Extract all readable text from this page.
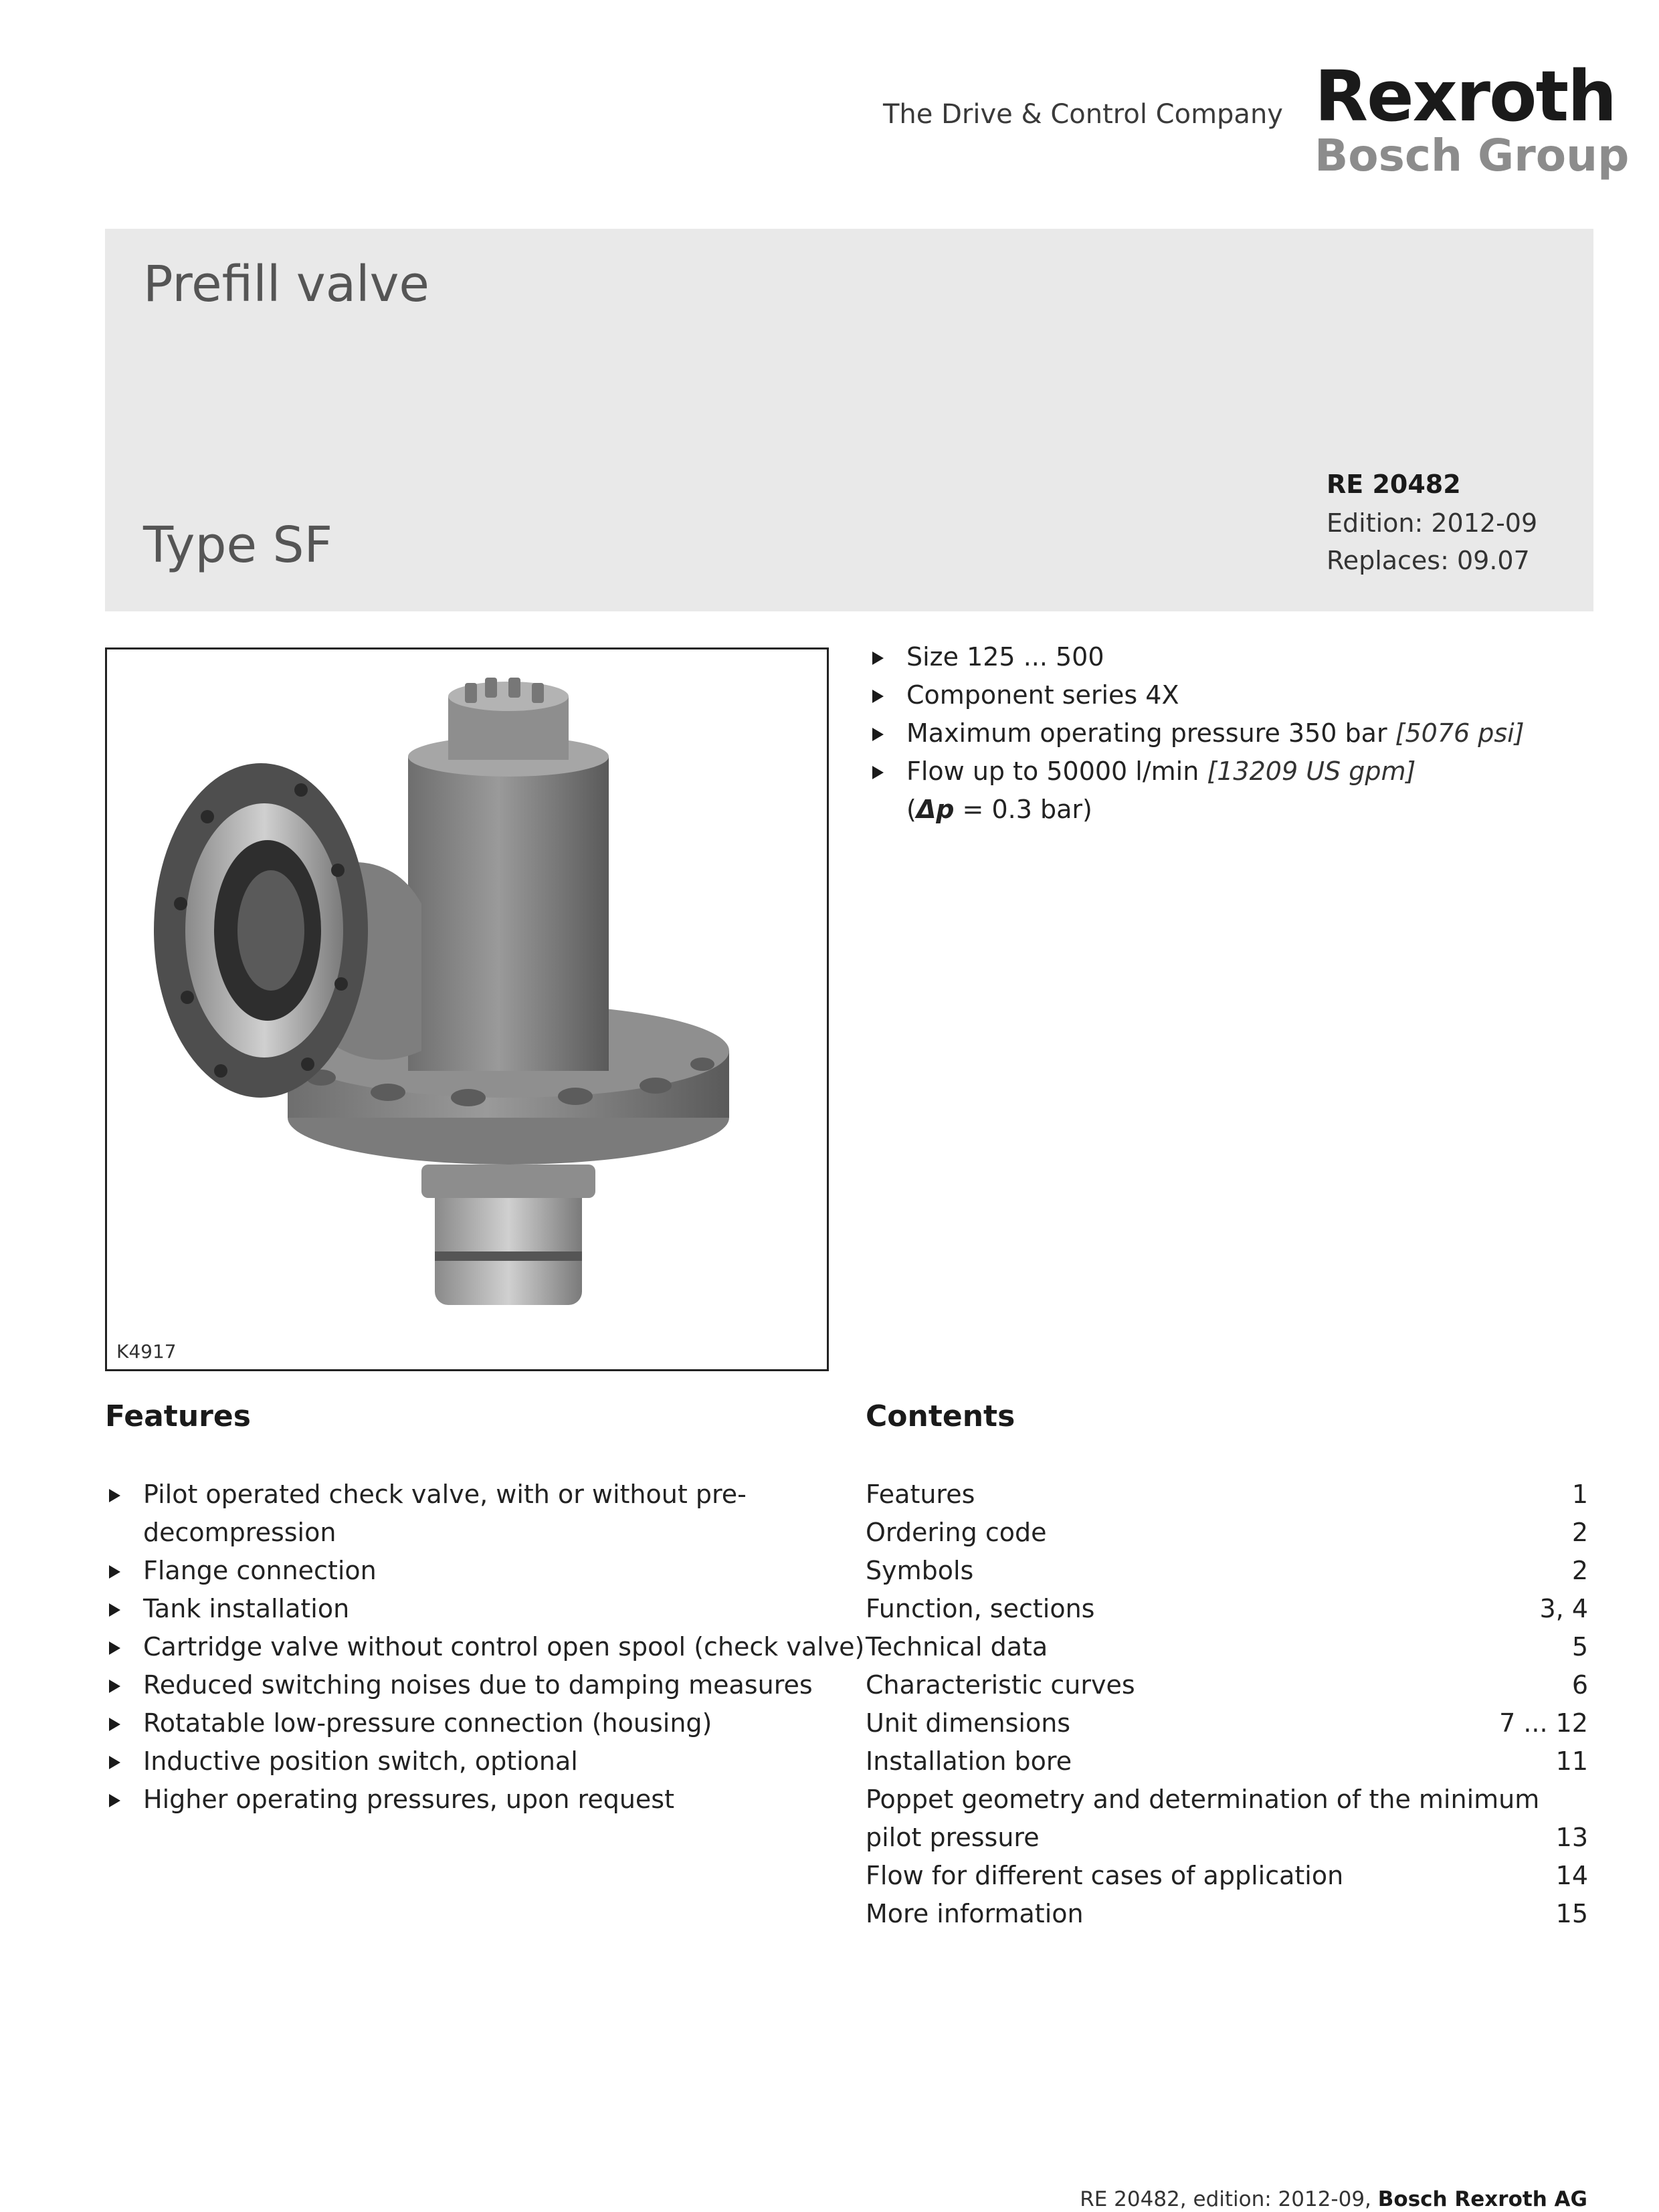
The Drive & Control Company Rexroth
Bosch Group
Prefill valve
Type SF
RE 20482
Edition: 2012-09
Replaces: 09.07
K4917
Size 125 ... 500
Component series 4X
Maximum operating pressure 350 bar [5076 psi]
Flow up to 50000 l/min [13209 US gpm]
(Δp = 0.3 bar)
Features
Pilot operated check valve, with or without pre-
decompression
Flange connection
Tank installation
Cartridge valve without control open spool (check valve)
Reduced switching noises due to damping measures
Rotatable low-pressure connection (housing)
Inductive position switch, optional
Higher operating pressures, upon request
Contents
Features	1
Ordering code	2
Symbols	2
Function, sections	3, 4
Technical data	5
Characteristic curves	6
Unit dimensions	7 ... 12
Installation bore	11
Poppet geometry and determination of the minimum
pilot pressure	13
Flow for different cases of application	14
More information	15
RE 20482, edition: 2012-09, Bosch Rexroth AG
